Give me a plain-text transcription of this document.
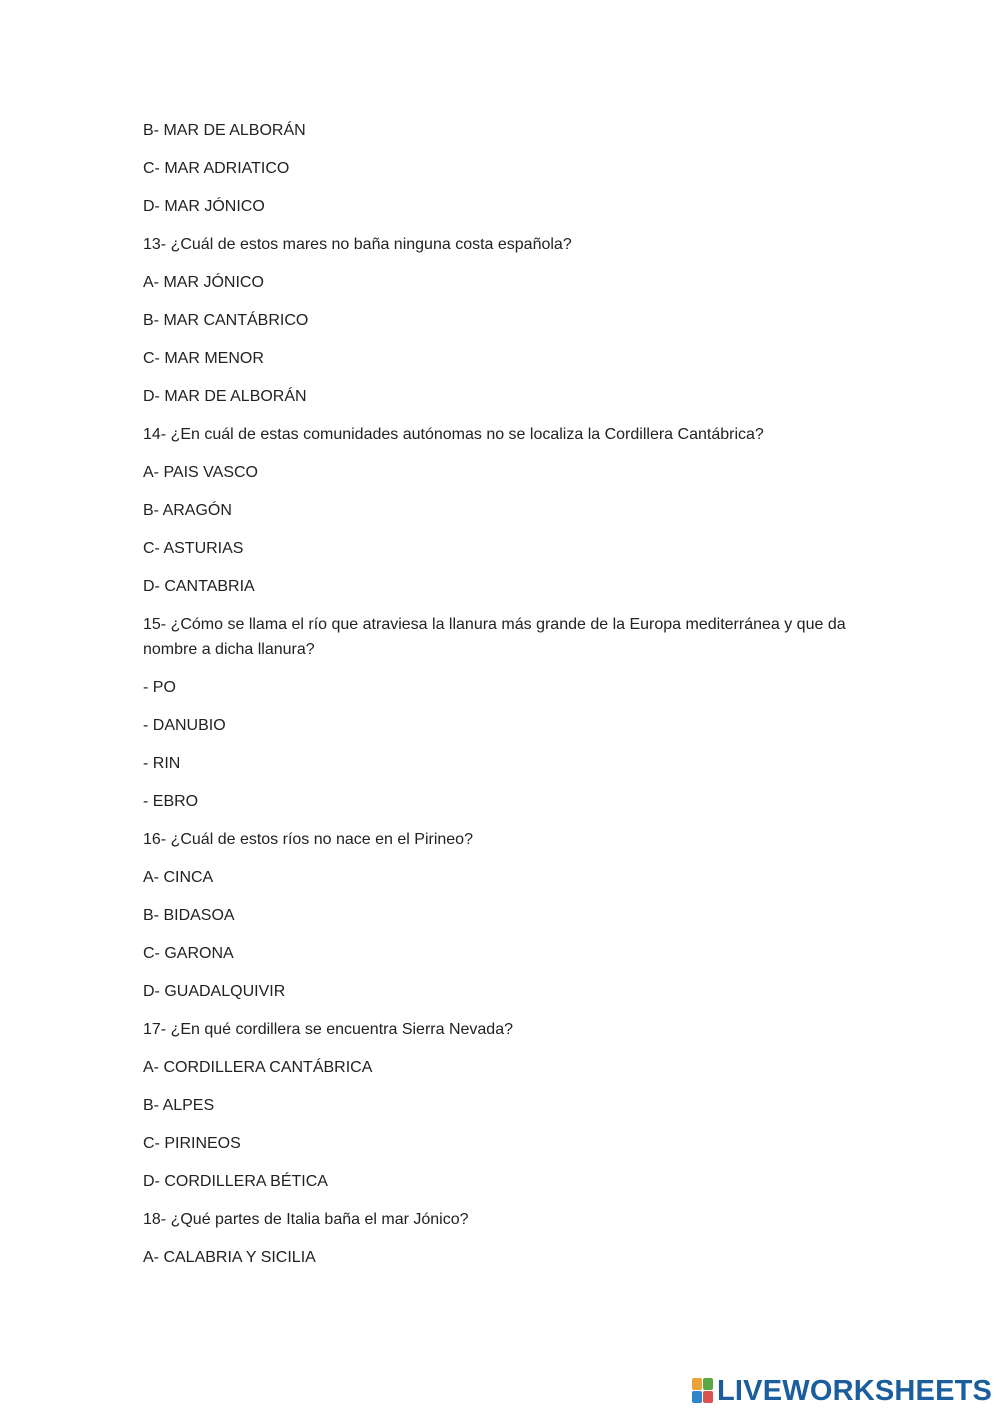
B- MAR DE ALBORÁN

C- MAR ADRIATICO

D- MAR JÓNICO

13- ¿Cuál de estos mares no baña ninguna costa española?

A- MAR JÓNICO

B- MAR CANTÁBRICO

C- MAR MENOR

D- MAR DE ALBORÁN

14- ¿En cuál de estas comunidades autónomas no se localiza la Cordillera Cantábrica?

A- PAIS VASCO

B- ARAGÓN

C- ASTURIAS

D- CANTABRIA

15- ¿Cómo se llama el río que atraviesa la llanura más grande de la Europa mediterránea y que da nombre a dicha llanura?

- PO

- DANUBIO

- RIN

- EBRO

16- ¿Cuál de estos ríos no nace en el Pirineo?

A- CINCA

B- BIDASOA

C- GARONA

D- GUADALQUIVIR

17- ¿En qué cordillera se encuentra Sierra Nevada?

A- CORDILLERA CANTÁBRICA

B- ALPES

C- PIRINEOS

D- CORDILLERA BÉTICA

18- ¿Qué partes de Italia baña el mar Jónico?

A- CALABRIA Y SICILIA

LIVEWORKSHEETS
